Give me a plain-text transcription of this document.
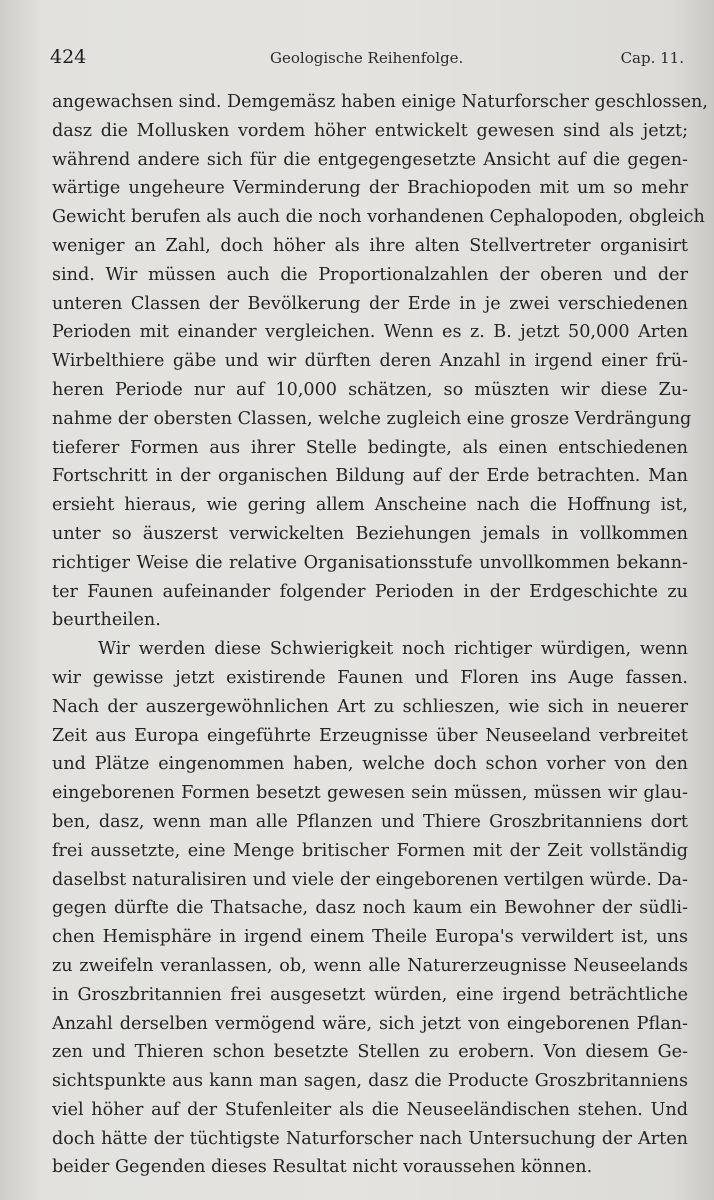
424	Geologische Reihenfolge.	Cap. 11.
angewachsen sind. Demgemäsz haben einige Naturforscher geschlossen,
dasz die Mollusken vordem höher entwickelt gewesen sind als jetzt;
während andere sich für die entgegengesetzte Ansicht auf die gegen-
wärtige ungeheure Verminderung der Brachiopoden mit um so mehr
Gewicht berufen als auch die noch vorhandenen Cephalopoden, obgleich
weniger an Zahl, doch höher als ihre alten Stellvertreter organisirt
sind. Wir müssen auch die Proportionalzahlen der oberen und der
unteren Classen der Bevölkerung der Erde in je zwei verschiedenen
Perioden mit einander vergleichen. Wenn es z. B. jetzt 50,000 Arten
Wirbelthiere gäbe und wir dürften deren Anzahl in irgend einer frü-
heren Periode nur auf 10,000 schätzen, so müszten wir diese Zu-
nahme der obersten Classen, welche zugleich eine grosze Verdrängung
tieferer Formen aus ihrer Stelle bedingte, als einen entschiedenen
Fortschritt in der organischen Bildung auf der Erde betrachten. Man
ersieht hieraus, wie gering allem Anscheine nach die Hoffnung ist,
unter so äuszerst verwickelten Beziehungen jemals in vollkommen
richtiger Weise die relative Organisationsstufe unvollkommen bekann-
ter Faunen aufeinander folgender Perioden in der Erdgeschichte zu
beurtheilen.
Wir werden diese Schwierigkeit noch richtiger würdigen, wenn
wir gewisse jetzt existirende Faunen und Floren ins Auge fassen.
Nach der auszergewöhnlichen Art zu schlieszen, wie sich in neuerer
Zeit aus Europa eingeführte Erzeugnisse über Neuseeland verbreitet
und Plätze eingenommen haben, welche doch schon vorher von den
eingeborenen Formen besetzt gewesen sein müssen, müssen wir glau-
ben, dasz, wenn man alle Pflanzen und Thiere Groszbritanniens dort
frei aussetzte, eine Menge britischer Formen mit der Zeit vollständig
daselbst naturalisiren und viele der eingeborenen vertilgen würde. Da-
gegen dürfte die Thatsache, dasz noch kaum ein Bewohner der südli-
chen Hemisphäre in irgend einem Theile Europa's verwildert ist, uns
zu zweifeln veranlassen, ob, wenn alle Naturerzeugnisse Neuseelands
in Groszbritannien frei ausgesetzt würden, eine irgend beträchtliche
Anzahl derselben vermögend wäre, sich jetzt von eingeborenen Pflan-
zen und Thieren schon besetzte Stellen zu erobern. Von diesem Ge-
sichtspunkte aus kann man sagen, dasz die Producte Groszbritanniens
viel höher auf der Stufenleiter als die Neuseeländischen stehen. Und
doch hätte der tüchtigste Naturforscher nach Untersuchung der Arten
beider Gegenden dieses Resultat nicht voraussehen können.
